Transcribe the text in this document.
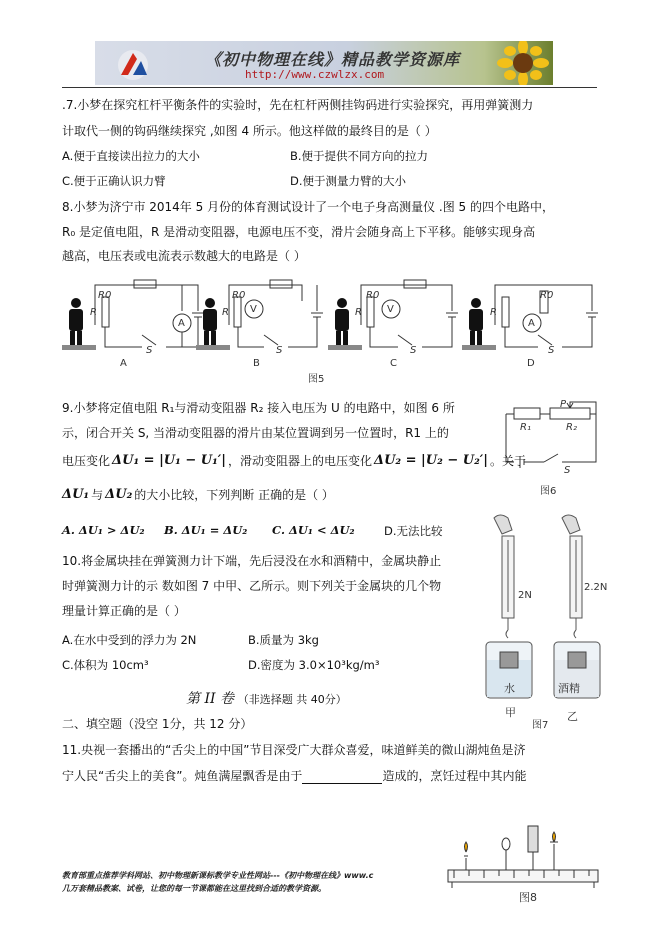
《初中物理在线》精品教学资源库
http://www.czwlzx.com
.7.小梦在探究杠杆平衡条件的实验时，先在杠杆两侧挂钩码进行实验探究，再用弹簧测力
计取代一侧的钩码继续探究 ,如图 4 所示。他这样做的最终目的是（ ）
A.便于直接读出拉力的大小	B.便于提供不同方向的拉力
C.便于正确认识力臂	D.便于测量力臂的大小
8.小梦为济宁市 2014年 5 月份的体育测试设计了一个电子身高测量仪 .图 5 的四个电路中，
R₀ 是定值电阻，R 是滑动变阻器，电源电压不变，滑片会随身高上下平移。能够实现身高
越高，电压表或电流表示数越大的电路是（ ）
R0	R0	R0	R0
R	R	R	R
A
V	V
A
S	S	S	S
A	B	C	D
图5
9.小梦将定值电阻 R₁与滑动变阻器 R₂ 接入电压为 U 的电路中，如图 6 所
示，闭合开关 S, 当滑动变阻器的滑片由某位置调到另一位置时，R1 上的
电压变化 ΔU₁ = |U₁ − U₁′| ，滑动变阻器上的电压变化 ΔU₂ = |U₂ − U₂′| 。关于
ΔU₁ 与 ΔU₂ 的大小比较，下列判断 正确的是（ ）
A. ΔU₁ > ΔU₂ B. ΔU₁ = ΔU₂ C. ΔU₁ < ΔU₂	D.无法比较
P
R₁	R₂
S
图6
10.将金属块挂在弹簧测力计下端，先后浸没在水和酒精中，金属块静止
时弹簧测力计的示 数如图 7 中甲、乙所示。则下列关于金属块的几个物
理量计算正确的是（ ）
A.在水中受到的浮力为 2N	B.质量为 3kg
C.体积为 10cm³	D.密度为 3.0×10³kg/m³
2N
2.2N
水	酒精
甲	乙
图7
第 II 卷 （非选择题 共 40分）
二、填空题（没空 1分，共 12 分）
11.央视一套播出的“舌尖上的中国”节目深受广大群众喜爱，味道鲜美的微山湖炖鱼是济
宁人民“舌尖上的美食”。炖鱼满屋飘香是由于	造成的，烹饪过程中其内能
教育部重点推荐学科网站、初中物理新课标教学专业性网站---《初中物理在线》www.c
几万套精品教案、试卷，让您的每一节课都能在这里找到合适的教学资源。
图8
